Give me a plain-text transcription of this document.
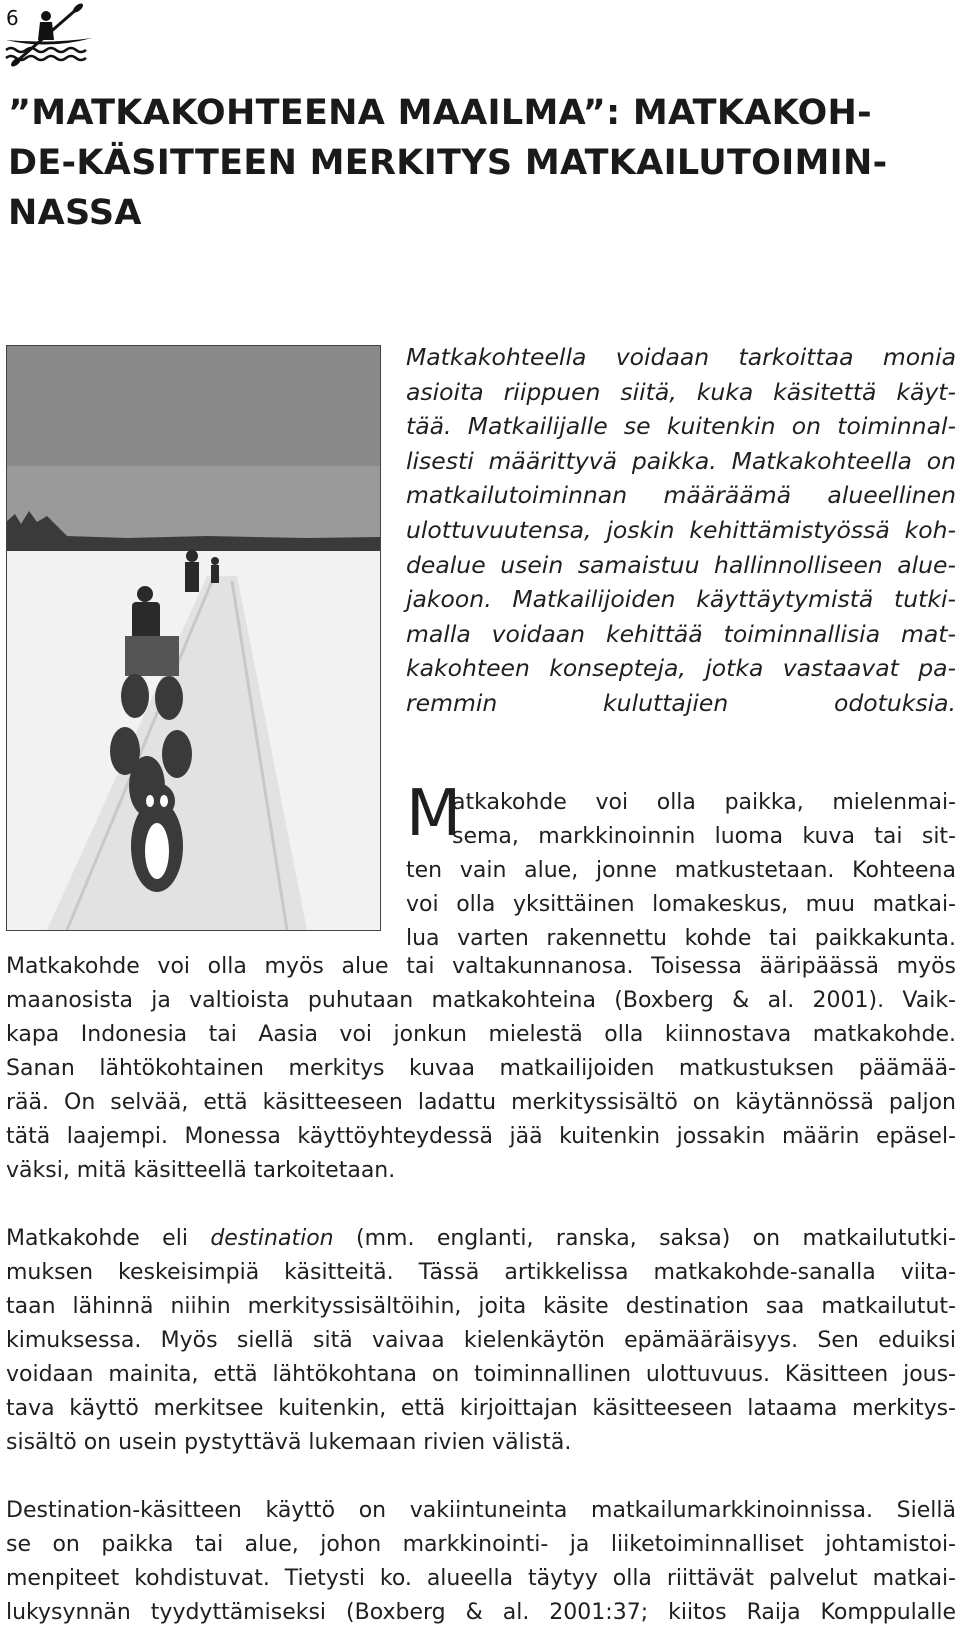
6
”MATKAKOHTEENA MAAILMA”: MATKAKOH-
DE-KÄSITTEEN MERKITYS MATKAILUTOIMIN-
NASSA
Matkakohteella voidaan tarkoittaa monia
asioita riippuen siitä, kuka käsitettä käyt-
tää. Matkailijalle se kuitenkin on toiminnal-
lisesti määrittyvä paikka. Matkakohteella on
matkailutoiminnan määräämä alueellinen
ulottuvuutensa, joskin kehittämistyössä koh-
dealue usein samaistuu hallinnolliseen alue-
jakoon. Matkailijoiden käyttäytymistä tutki-
malla voidaan kehittää toiminnallisia mat-
kakohteen konsepteja, jotka vastaavat pa-
remmin kuluttajien odotuksia.
M
atkakohde voi olla paikka, mielenmai-
sema, markkinoinnin luoma kuva tai sit-
ten vain alue, jonne matkustetaan. Kohteena
voi olla yksittäinen lomakeskus, muu matkai-
lua varten rakennettu kohde tai paikkakunta.
Matkakohde voi olla myös alue tai valtakunnanosa. Toisessa ääripäässä myös
maanosista ja valtioista puhutaan matkakohteina (Boxberg & al. 2001). Vaik-
kapa Indonesia tai Aasia voi jonkun mielestä olla kiinnostava matkakohde.
Sanan lähtökohtainen merkitys kuvaa matkailijoiden matkustuksen päämää-
rää. On selvää, että käsitteeseen ladattu merkityssisältö on käytännössä paljon
tätä laajempi. Monessa käyttöyhteydessä jää kuitenkin jossakin määrin epäsel-
väksi, mitä käsitteellä tarkoitetaan.
Matkakohde eli destination (mm. englanti, ranska, saksa) on matkailututki-
muksen keskeisimpiä käsitteitä. Tässä artikkelissa matkakohde-sanalla viita-
taan lähinnä niihin merkityssisältöihin, joita käsite destination saa matkailutut-
kimuksessa. Myös siellä sitä vaivaa kielenkäytön epämääräisyys. Sen eduiksi
voidaan mainita, että lähtökohtana on toiminnallinen ulottuvuus. Käsitteen jous-
tava käyttö merkitsee kuitenkin, että kirjoittajan käsitteeseen lataama merkitys-
sisältö on usein pystyttävä lukemaan rivien välistä.
Destination-käsitteen käyttö on vakiintuneinta matkailumarkkinoinnissa. Siellä
se on paikka tai alue, johon markkinointi- ja liiketoiminnalliset johtamistoi-
menpiteet kohdistuvat. Tietysti ko. alueella täytyy olla riittävät palvelut matkai-
lukysynnän tyydyttämiseksi (Boxberg & al. 2001:37; kiitos Raija Komppulalle
